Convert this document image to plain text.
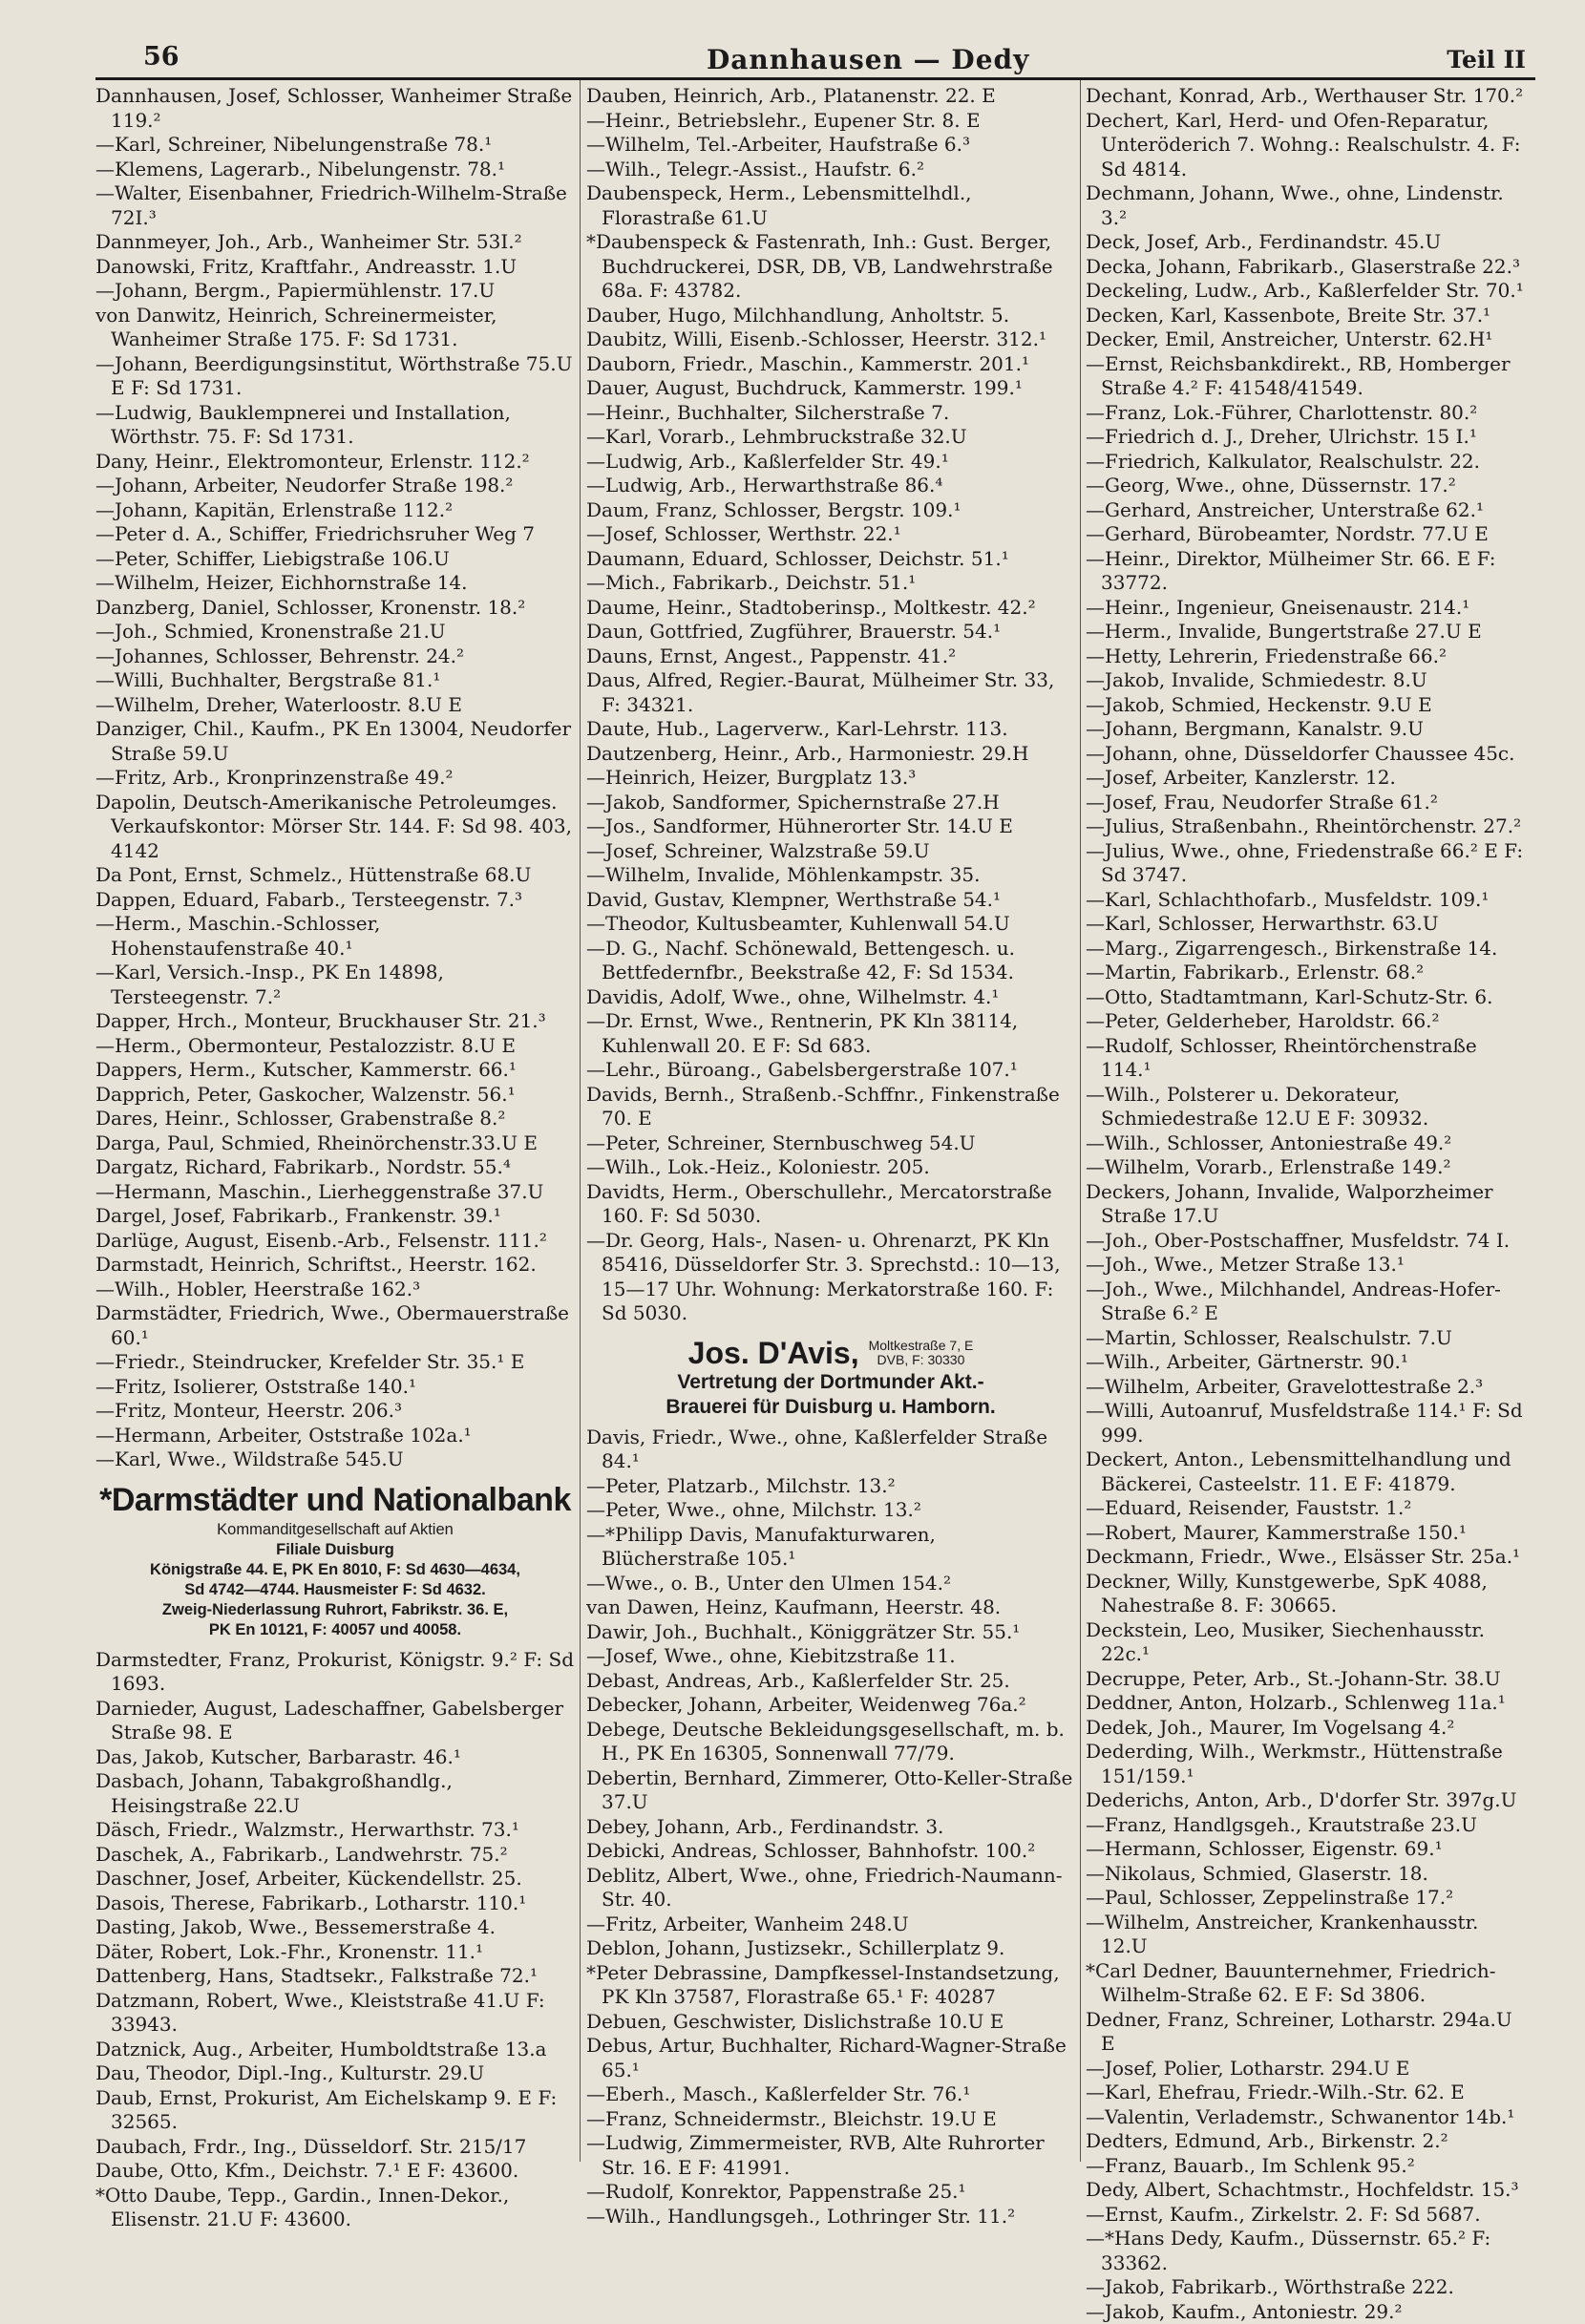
56	Dannhausen — Dedy	Teil II

Dannhausen, Josef, Schlosser, Wanheimer Straße 119.²

—Karl, Schreiner, Nibelungenstraße 78.¹

—Klemens, Lagerarb., Nibelungenstr. 78.¹

—Walter, Eisenbahner, Friedrich-Wilhelm-Straße 72I.³

Dannmeyer, Joh., Arb., Wanheimer Str. 53I.²

Danowski, Fritz, Kraftfahr., Andreasstr. 1.U

—Johann, Bergm., Papiermühlenstr. 17.U

von Danwitz, Heinrich, Schreinermeister, Wanheimer Straße 175. F: Sd 1731.

—Johann, Beerdigungsinstitut, Wörthstraße 75.U E F: Sd 1731.

—Ludwig, Bauklempnerei und Installation, Wörthstr. 75. F: Sd 1731.

Dany, Heinr., Elektromonteur, Erlenstr. 112.²

—Johann, Arbeiter, Neudorfer Straße 198.²

—Johann, Kapitän, Erlenstraße 112.²

—Peter d. A., Schiffer, Friedrichsruher Weg 7

—Peter, Schiffer, Liebigstraße 106.U

—Wilhelm, Heizer, Eichhornstraße 14.

Danzberg, Daniel, Schlosser, Kronenstr. 18.²

—Joh., Schmied, Kronenstraße 21.U

—Johannes, Schlosser, Behrenstr. 24.²

—Willi, Buchhalter, Bergstraße 81.¹

—Wilhelm, Dreher, Waterloostr. 8.U E

Danziger, Chil., Kaufm., PK En 13004, Neudorfer Straße 59.U

—Fritz, Arb., Kronprinzenstraße 49.²

Dapolin, Deutsch-Amerikanische Petroleumges. Verkaufskontor: Mörser Str. 144. F: Sd 98. 403, 4142

Da Pont, Ernst, Schmelz., Hüttenstraße 68.U

Dappen, Eduard, Fabarb., Tersteegenstr. 7.³

—Herm., Maschin.-Schlosser, Hohenstaufenstraße 40.¹

—Karl, Versich.-Insp., PK En 14898, Tersteegenstr. 7.²

Dapper, Hrch., Monteur, Bruckhauser Str. 21.³

—Herm., Obermonteur, Pestalozzistr. 8.U E

Dappers, Herm., Kutscher, Kammerstr. 66.¹

Dapprich, Peter, Gaskocher, Walzenstr. 56.¹

Dares, Heinr., Schlosser, Grabenstraße 8.²

Darga, Paul, Schmied, Rheinörchenstr.33.U E

Dargatz, Richard, Fabrikarb., Nordstr. 55.⁴

—Hermann, Maschin., Lierheggenstraße 37.U

Dargel, Josef, Fabrikarb., Frankenstr. 39.¹

Darlüge, August, Eisenb.-Arb., Felsenstr. 111.²

Darmstadt, Heinrich, Schriftst., Heerstr. 162.

—Wilh., Hobler, Heerstraße 162.³

Darmstädter, Friedrich, Wwe., Obermauerstraße 60.¹

—Friedr., Steindrucker, Krefelder Str. 35.¹ E

—Fritz, Isolierer, Oststraße 140.¹

—Fritz, Monteur, Heerstr. 206.³

—Hermann, Arbeiter, Oststraße 102a.¹

—Karl, Wwe., Wildstraße 545.U

*Darmstädter und Nationalbank
Kommanditgesellschaft auf Aktien
Filiale Duisburg
Königstraße 44. E, PK En 8010, F: Sd 4630—4634,
Sd 4742—4744. Hausmeister F: Sd 4632.
Zweig-Niederlassung Ruhrort, Fabrikstr. 36. E,
PK En 10121, F: 40057 und 40058.

Darmstedter, Franz, Prokurist, Königstr. 9.² F: Sd 1693.

Darnieder, August, Ladeschaffner, Gabelsberger Straße 98. E

Das, Jakob, Kutscher, Barbarastr. 46.¹

Dasbach, Johann, Tabakgroßhandlg., Heisingstraße 22.U

Däsch, Friedr., Walzmstr., Herwarthstr. 73.¹

Daschek, A., Fabrikarb., Landwehrstr. 75.²

Daschner, Josef, Arbeiter, Kückendellstr. 25.

Dasois, Therese, Fabrikarb., Lotharstr. 110.¹

Dasting, Jakob, Wwe., Bessemerstraße 4.

Däter, Robert, Lok.-Fhr., Kronenstr. 11.¹

Dattenberg, Hans, Stadtsekr., Falkstraße 72.¹

Datzmann, Robert, Wwe., Kleiststraße 41.U F: 33943.

Datznick, Aug., Arbeiter, Humboldtstraße 13.a

Dau, Theodor, Dipl.-Ing., Kulturstr. 29.U

Daub, Ernst, Prokurist, Am Eichelskamp 9. E F: 32565.

Daubach, Frdr., Ing., Düsseldorf. Str. 215/17

Daube, Otto, Kfm., Deichstr. 7.¹ E F: 43600.

*Otto Daube, Tepp., Gardin., Innen-Dekor., Elisenstr. 21.U F: 43600.

Dauben, Heinrich, Arb., Platanenstr. 22. E

—Heinr., Betriebslehr., Eupener Str. 8. E

—Wilhelm, Tel.-Arbeiter, Haufstraße 6.³

—Wilh., Telegr.-Assist., Haufstr. 6.²

Daubenspeck, Herm., Lebensmittelhdl., Florastraße 61.U

*Daubenspeck & Fastenrath, Inh.: Gust. Berger, Buchdruckerei, DSR, DB, VB, Landwehrstraße 68a. F: 43782.

Dauber, Hugo, Milchhandlung, Anholtstr. 5.

Daubitz, Willi, Eisenb.-Schlosser, Heerstr. 312.¹

Dauborn, Friedr., Maschin., Kammerstr. 201.¹

Dauer, August, Buchdruck, Kammerstr. 199.¹

—Heinr., Buchhalter, Silcherstraße 7.

—Karl, Vorarb., Lehmbruckstraße 32.U

—Ludwig, Arb., Kaßlerfelder Str. 49.¹

—Ludwig, Arb., Herwarthstraße 86.⁴

Daum, Franz, Schlosser, Bergstr. 109.¹

—Josef, Schlosser, Werthstr. 22.¹

Daumann, Eduard, Schlosser, Deichstr. 51.¹

—Mich., Fabrikarb., Deichstr. 51.¹

Daume, Heinr., Stadtoberinsp., Moltkestr. 42.²

Daun, Gottfried, Zugführer, Brauerstr. 54.¹

Dauns, Ernst, Angest., Pappenstr. 41.²

Daus, Alfred, Regier.-Baurat, Mülheimer Str. 33, F: 34321.

Daute, Hub., Lagerverw., Karl-Lehrstr. 113.

Dautzenberg, Heinr., Arb., Harmoniestr. 29.H

—Heinrich, Heizer, Burgplatz 13.³

—Jakob, Sandformer, Spichernstraße 27.H

—Jos., Sandformer, Hühnerorter Str. 14.U E

—Josef, Schreiner, Walzstraße 59.U

—Wilhelm, Invalide, Möhlenkampstr. 35.

David, Gustav, Klempner, Werthstraße 54.¹

—Theodor, Kultusbeamter, Kuhlenwall 54.U

—D. G., Nachf. Schönewald, Bettengesch. u. Bettfedernfbr., Beekstraße 42, F: Sd 1534.

Davidis, Adolf, Wwe., ohne, Wilhelmstr. 4.¹

—Dr. Ernst, Wwe., Rentnerin, PK Kln 38114, Kuhlenwall 20. E F: Sd 683.

—Lehr., Büroang., Gabelsbergerstraße 107.¹

Davids, Bernh., Straßenb.-Schffnr., Finkenstraße 70. E

—Peter, Schreiner, Sternbuschweg 54.U

—Wilh., Lok.-Heiz., Koloniestr. 205.

Davidts, Herm., Oberschullehr., Mercatorstraße 160. F: Sd 5030.

—Dr. Georg, Hals-, Nasen- u. Ohrenarzt, PK Kln 85416, Düsseldorfer Str. 3. Sprechstd.: 10—13, 15—17 Uhr. Wohnung: Merkatorstraße 160. F: Sd 5030.

Jos. D'Avis, Moltkestraße 7, E
DVB, F: 30330
Vertretung der Dortmunder Akt.-
Brauerei für Duisburg u. Hamborn.

Davis, Friedr., Wwe., ohne, Kaßlerfelder Straße 84.¹

—Peter, Platzarb., Milchstr. 13.²

—Peter, Wwe., ohne, Milchstr. 13.²

—*Philipp Davis, Manufakturwaren, Blücherstraße 105.¹

—Wwe., o. B., Unter den Ulmen 154.²

van Dawen, Heinz, Kaufmann, Heerstr. 48.

Dawir, Joh., Buchhalt., Königgrätzer Str. 55.¹

—Josef, Wwe., ohne, Kiebitzstraße 11.

Debast, Andreas, Arb., Kaßlerfelder Str. 25.

Debecker, Johann, Arbeiter, Weidenweg 76a.²

Debege, Deutsche Bekleidungsgesellschaft, m. b. H., PK En 16305, Sonnenwall 77/79.

Debertin, Bernhard, Zimmerer, Otto-Keller-Straße 37.U

Debey, Johann, Arb., Ferdinandstr. 3.

Debicki, Andreas, Schlosser, Bahnhofstr. 100.²

Deblitz, Albert, Wwe., ohne, Friedrich-Naumann-Str. 40.

—Fritz, Arbeiter, Wanheim 248.U

Deblon, Johann, Justizsekr., Schillerplatz 9.

*Peter Debrassine, Dampfkessel-Instandsetzung, PK Kln 37587, Florastraße 65.¹ F: 40287

Debuen, Geschwister, Dislichstraße 10.U E

Debus, Artur, Buchhalter, Richard-Wagner-Straße 65.¹

—Eberh., Masch., Kaßlerfelder Str. 76.¹

—Franz, Schneidermstr., Bleichstr. 19.U E

—Ludwig, Zimmermeister, RVB, Alte Ruhrorter Str. 16. E F: 41991.

—Rudolf, Konrektor, Pappenstraße 25.¹

—Wilh., Handlungsgeh., Lothringer Str. 11.²

Dechant, Konrad, Arb., Werthauser Str. 170.²

Dechert, Karl, Herd- und Ofen-Reparatur, Unteröderich 7. Wohng.: Realschulstr. 4. F: Sd 4814.

Dechmann, Johann, Wwe., ohne, Lindenstr. 3.²

Deck, Josef, Arb., Ferdinandstr. 45.U

Decka, Johann, Fabrikarb., Glaserstraße 22.³

Deckeling, Ludw., Arb., Kaßlerfelder Str. 70.¹

Decken, Karl, Kassenbote, Breite Str. 37.¹

Decker, Emil, Anstreicher, Unterstr. 62.H¹

—Ernst, Reichsbankdirekt., RB, Homberger Straße 4.² F: 41548/41549.

—Franz, Lok.-Führer, Charlottenstr. 80.²

—Friedrich d. J., Dreher, Ulrichstr. 15 I.¹

—Friedrich, Kalkulator, Realschulstr. 22.

—Georg, Wwe., ohne, Düssernstr. 17.²

—Gerhard, Anstreicher, Unterstraße 62.¹

—Gerhard, Bürobeamter, Nordstr. 77.U E

—Heinr., Direktor, Mülheimer Str. 66. E F: 33772.

—Heinr., Ingenieur, Gneisenaustr. 214.¹

—Herm., Invalide, Bungertstraße 27.U E

—Hetty, Lehrerin, Friedenstraße 66.²

—Jakob, Invalide, Schmiedestr. 8.U

—Jakob, Schmied, Heckenstr. 9.U E

—Johann, Bergmann, Kanalstr. 9.U

—Johann, ohne, Düsseldorfer Chaussee 45c.

—Josef, Arbeiter, Kanzlerstr. 12.

—Josef, Frau, Neudorfer Straße 61.²

—Julius, Straßenbahn., Rheintörchenstr. 27.²

—Julius, Wwe., ohne, Friedenstraße 66.² E F: Sd 3747.

—Karl, Schlachthofarb., Musfeldstr. 109.¹

—Karl, Schlosser, Herwarthstr. 63.U

—Marg., Zigarrengesch., Birkenstraße 14.

—Martin, Fabrikarb., Erlenstr. 68.²

—Otto, Stadtamtmann, Karl-Schutz-Str. 6.

—Peter, Gelderheber, Haroldstr. 66.²

—Rudolf, Schlosser, Rheintörchenstraße 114.¹

—Wilh., Polsterer u. Dekorateur, Schmiedestraße 12.U E F: 30932.

—Wilh., Schlosser, Antoniestraße 49.²

—Wilhelm, Vorarb., Erlenstraße 149.²

Deckers, Johann, Invalide, Walporzheimer Straße 17.U

—Joh., Ober-Postschaffner, Musfeldstr. 74 I.

—Joh., Wwe., Metzer Straße 13.¹

—Joh., Wwe., Milchhandel, Andreas-Hofer-Straße 6.² E

—Martin, Schlosser, Realschulstr. 7.U

—Wilh., Arbeiter, Gärtnerstr. 90.¹

—Wilhelm, Arbeiter, Gravelottestraße 2.³

—Willi, Autoanruf, Musfeldstraße 114.¹ F: Sd 999.

Deckert, Anton., Lebensmittelhandlung und Bäckerei, Casteelstr. 11. E F: 41879.

—Eduard, Reisender, Fauststr. 1.²

—Robert, Maurer, Kammerstraße 150.¹

Deckmann, Friedr., Wwe., Elsässer Str. 25a.¹

Deckner, Willy, Kunstgewerbe, SpK 4088, Nahestraße 8. F: 30665.

Deckstein, Leo, Musiker, Siechenhausstr. 22c.¹

Decruppe, Peter, Arb., St.-Johann-Str. 38.U

Deddner, Anton, Holzarb., Schlenweg 11a.¹

Dedek, Joh., Maurer, Im Vogelsang 4.²

Dederding, Wilh., Werkmstr., Hüttenstraße 151/159.¹

Dederichs, Anton, Arb., D'dorfer Str. 397g.U

—Franz, Handlgsgeh., Krautstraße 23.U

—Hermann, Schlosser, Eigenstr. 69.¹

—Nikolaus, Schmied, Glaserstr. 18.

—Paul, Schlosser, Zeppelinstraße 17.²

—Wilhelm, Anstreicher, Krankenhausstr. 12.U

*Carl Dedner, Bauunternehmer, Friedrich-Wilhelm-Straße 62. E F: Sd 3806.

Dedner, Franz, Schreiner, Lotharstr. 294a.U E

—Josef, Polier, Lotharstr. 294.U E

—Karl, Ehefrau, Friedr.-Wilh.-Str. 62. E

—Valentin, Verlademstr., Schwanentor 14b.¹

Dedters, Edmund, Arb., Birkenstr. 2.²

—Franz, Bauarb., Im Schlenk 95.²

Dedy, Albert, Schachtmstr., Hochfeldstr. 15.³

—Ernst, Kaufm., Zirkelstr. 2. F: Sd 5687.

—*Hans Dedy, Kaufm., Düssernstr. 65.² F: 33362.

—Jakob, Fabrikarb., Wörthstraße 222.

—Jakob, Kaufm., Antoniestr. 29.²
